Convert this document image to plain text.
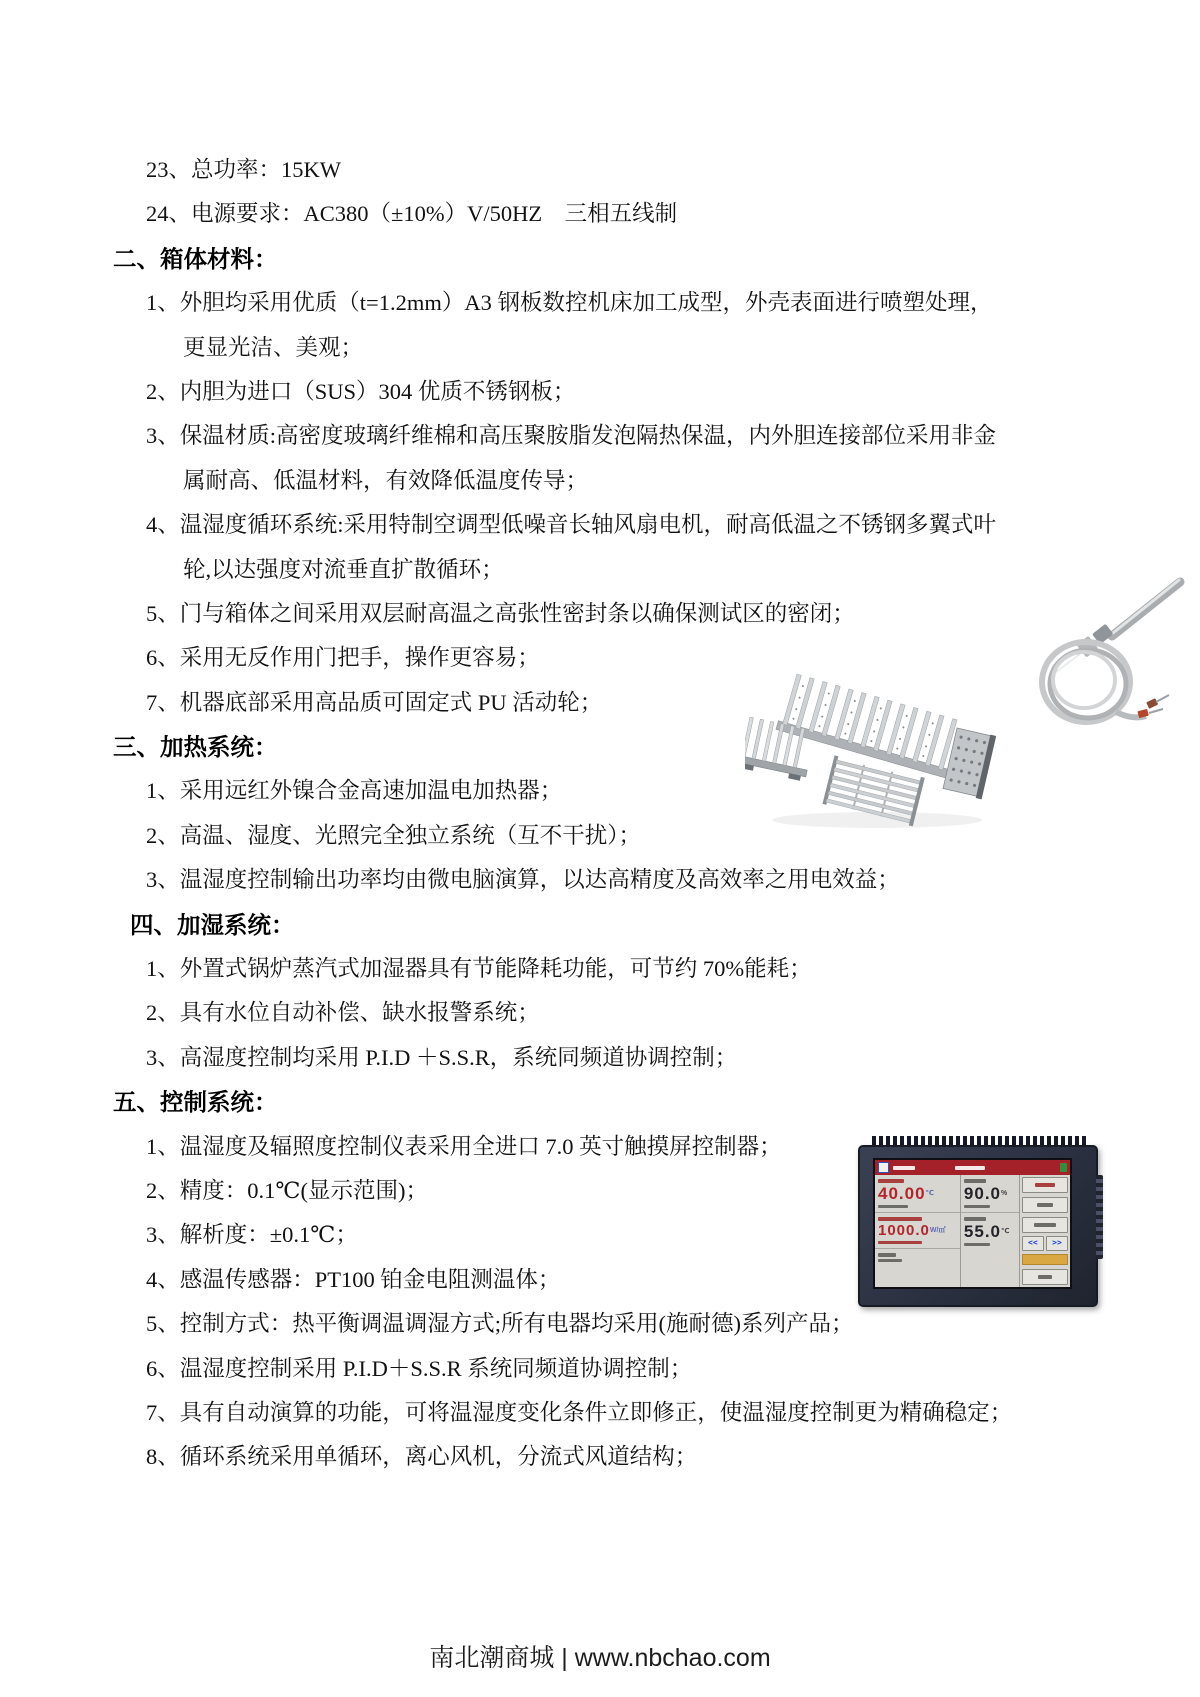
23、总功率：15KW
24、电源要求：AC380（±10%）V/50HZ　三相五线制
二、箱体材料：
1、外胆均采用优质（t=1.2mm）A3 钢板数控机床加工成型，外壳表面进行喷塑处理，
更显光洁、美观；
2、内胆为进口（SUS）304 优质不锈钢板；
3、保温材质:高密度玻璃纤维棉和高压聚胺脂发泡隔热保温，内外胆连接部位采用非金
属耐高、低温材料，有效降低温度传导；
4、温湿度循环系统:采用特制空调型低噪音长轴风扇电机，耐高低温之不锈钢多翼式叶
轮,以达强度对流垂直扩散循环；
5、门与箱体之间采用双层耐高温之高张性密封条以确保测试区的密闭；
6、采用无反作用门把手，操作更容易；
7、机器底部采用高品质可固定式 PU 活动轮；
三、加热系统：
1、采用远红外镍合金高速加温电加热器；
2、高温、湿度、光照完全独立系统（互不干扰）；
3、温湿度控制输出功率均由微电脑演算，以达高精度及高效率之用电效益；
四、加湿系统：
1、外置式锅炉蒸汽式加湿器具有节能降耗功能，可节约 70%能耗；
2、具有水位自动补偿、缺水报警系统；
3、高湿度控制均采用 P.I.D ＋S.S.R，系统同频道协调控制；
五、控制系统：
1、温湿度及辐照度控制仪表采用全进口 7.0 英寸触摸屏控制器；
2、精度：0.1℃(显示范围)；
3、解析度：±0.1℃；
4、感温传感器：PT100 铂金电阻测温体；
5、控制方式：热平衡调温调湿方式;所有电器均采用(施耐德)系列产品；
6、温湿度控制采用 P.I.D＋S.S.R 系统同频道协调控制；
7、具有自动演算的功能，可将温湿度变化条件立即修正，使温湿度控制更为精确稳定；
8、循环系统采用单循环，离心风机，分流式风道结构；
40.00℃
$1000.0^{W/㎡}$
90.0%
55.0℃
<<	>>
南北潮商城 | www.nbchao.com
